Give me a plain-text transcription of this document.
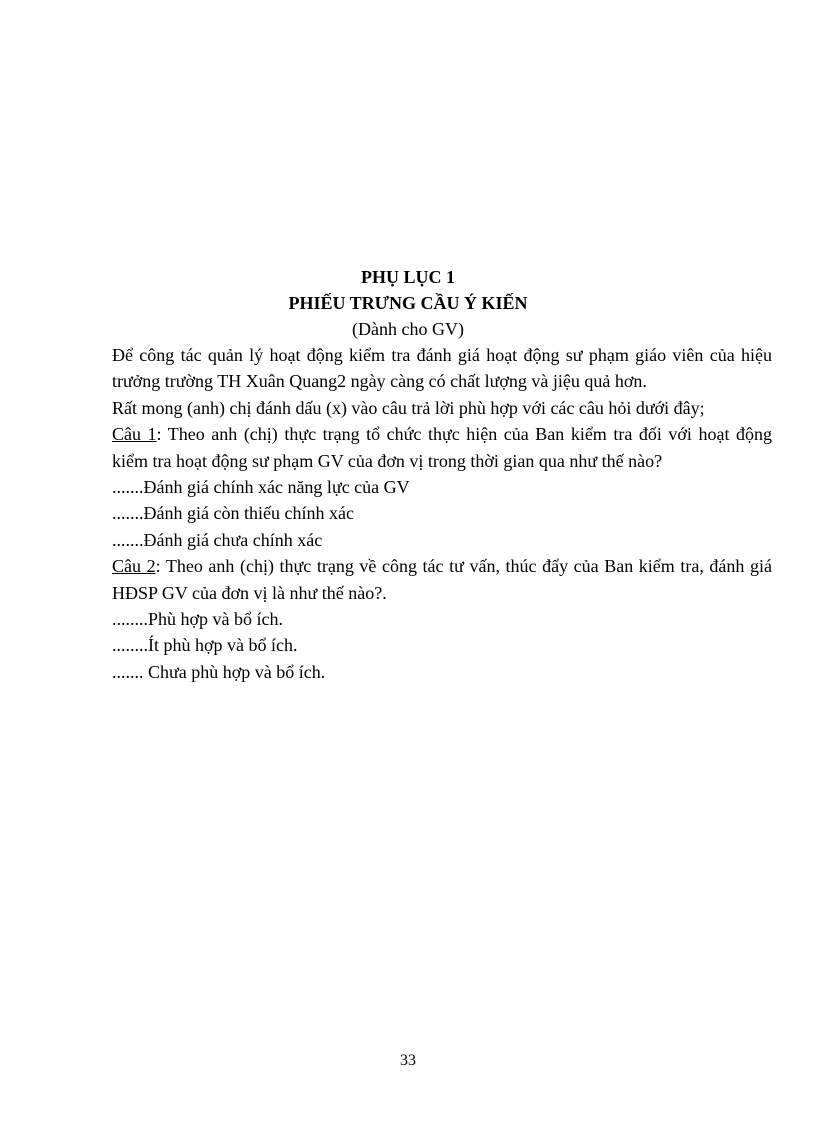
PHỤ LỤC 1
PHIẾU TRƯNG CẦU Ý KIẾN
(Dành cho GV)

Để công tác quản lý hoạt động kiểm tra đánh giá hoạt động sư phạm giáo viên của hiệu trưởng trường TH Xuân Quang2 ngày càng có chất lượng và jiệu quả hơn.

Rất mong (anh) chị đánh dấu (x) vào câu trả lời phù hợp với các câu hỏi dưới đây;

Câu 1: Theo anh (chị) thực trạng tổ chức thực hiện của Ban kiểm tra đối với hoạt động kiểm tra hoạt động sư phạm GV của đơn vị trong thời gian qua như thế nào?

.......Đánh giá chính xác năng lực của GV

.......Đánh giá còn thiếu chính xác

.......Đánh giá chưa chính xác

Câu 2: Theo anh (chị) thực trạng về công tác tư vấn, thúc đẩy của Ban kiểm tra, đánh giá HĐSP GV của đơn vị là như thế nào?.

........Phù hợp và bổ ích.

........Ít phù hợp và bổ ích.

....... Chưa phù hợp và bổ ích.

33
